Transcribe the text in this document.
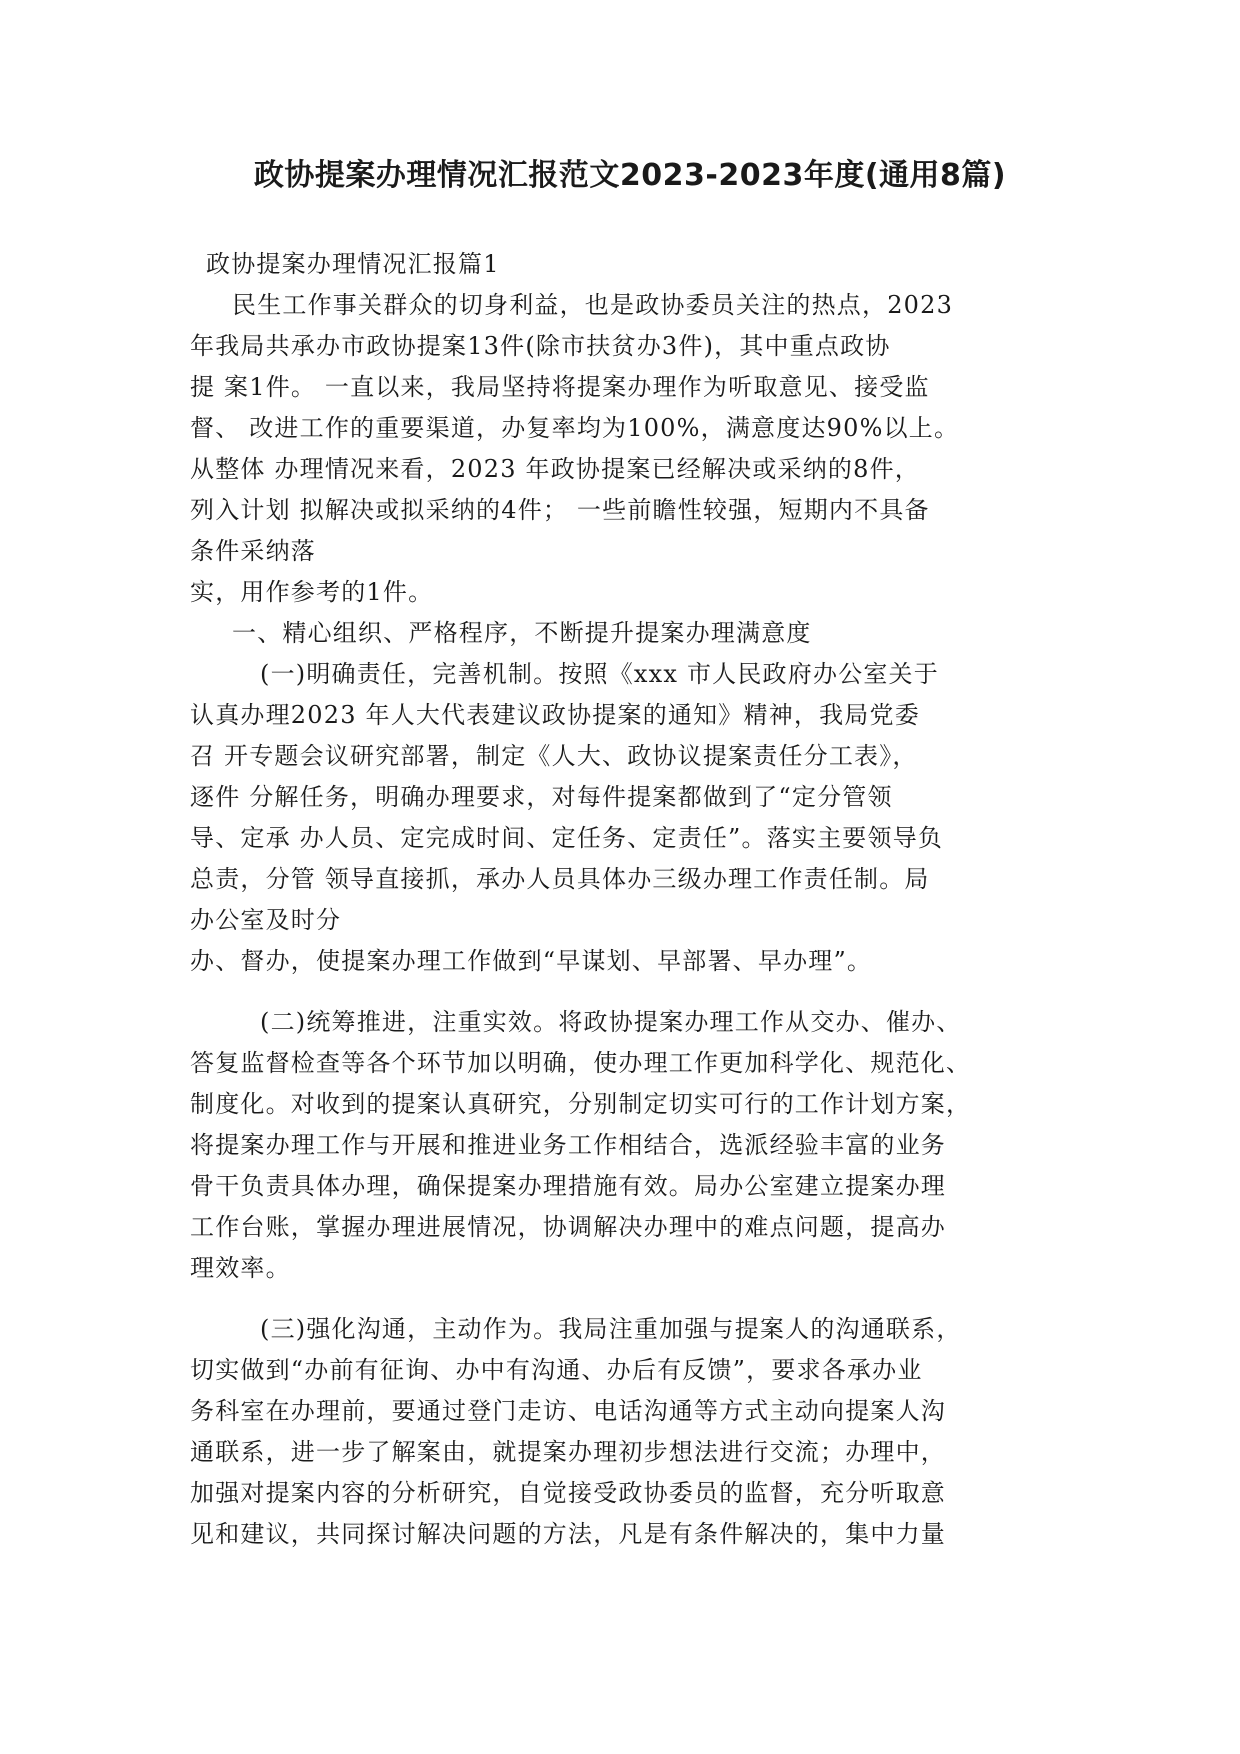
政协提案办理情况汇报范文2023-2023年度(通用8篇)
政协提案办理情况汇报篇1
民生工作事关群众的切身利益，也是政协委员关注的热点，2023
年我局共承办市政协提案13件(除市扶贫办3件)，其中重点政协
提 案1件。 一直以来，我局坚持将提案办理作为听取意见、接受监
督、 改进工作的重要渠道，办复率均为100%，满意度达90%以上。
从整体 办理情况来看，2023 年政协提案已经解决或采纳的8件，
列入计划 拟解决或拟采纳的4件； 一些前瞻性较强，短期内不具备
条件采纳落
实，用作参考的1件。
一、精心组织、严格程序，不断提升提案办理满意度
(一)明确责任，完善机制。按照《xxx 市人民政府办公室关于
认真办理2023 年人大代表建议政协提案的通知》精神，我局党委
召 开专题会议研究部署，制定《人大、政协议提案责任分工表》，
逐件 分解任务，明确办理要求，对每件提案都做到了“定分管领
导、定承 办人员、定完成时间、定任务、定责任”。落实主要领导负
总责，分管 领导直接抓，承办人员具体办三级办理工作责任制。局
办公室及时分
办、督办，使提案办理工作做到“早谋划、早部署、早办理”。
(二)统筹推进，注重实效。将政协提案办理工作从交办、催办、
答复监督检查等各个环节加以明确，使办理工作更加科学化、规范化、
制度化。对收到的提案认真研究，分别制定切实可行的工作计划方案，
将提案办理工作与开展和推进业务工作相结合，选派经验丰富的业务
骨干负责具体办理，确保提案办理措施有效。局办公室建立提案办理
工作台账，掌握办理进展情况，协调解决办理中的难点问题，提高办
理效率。
(三)强化沟通，主动作为。我局注重加强与提案人的沟通联系，
切实做到“办前有征询、办中有沟通、办后有反馈”，要求各承办业
务科室在办理前，要通过登门走访、电话沟通等方式主动向提案人沟
通联系，进一步了解案由，就提案办理初步想法进行交流；办理中，
加强对提案内容的分析研究，自觉接受政协委员的监督，充分听取意
见和建议，共同探讨解决问题的方法，凡是有条件解决的，集中力量
